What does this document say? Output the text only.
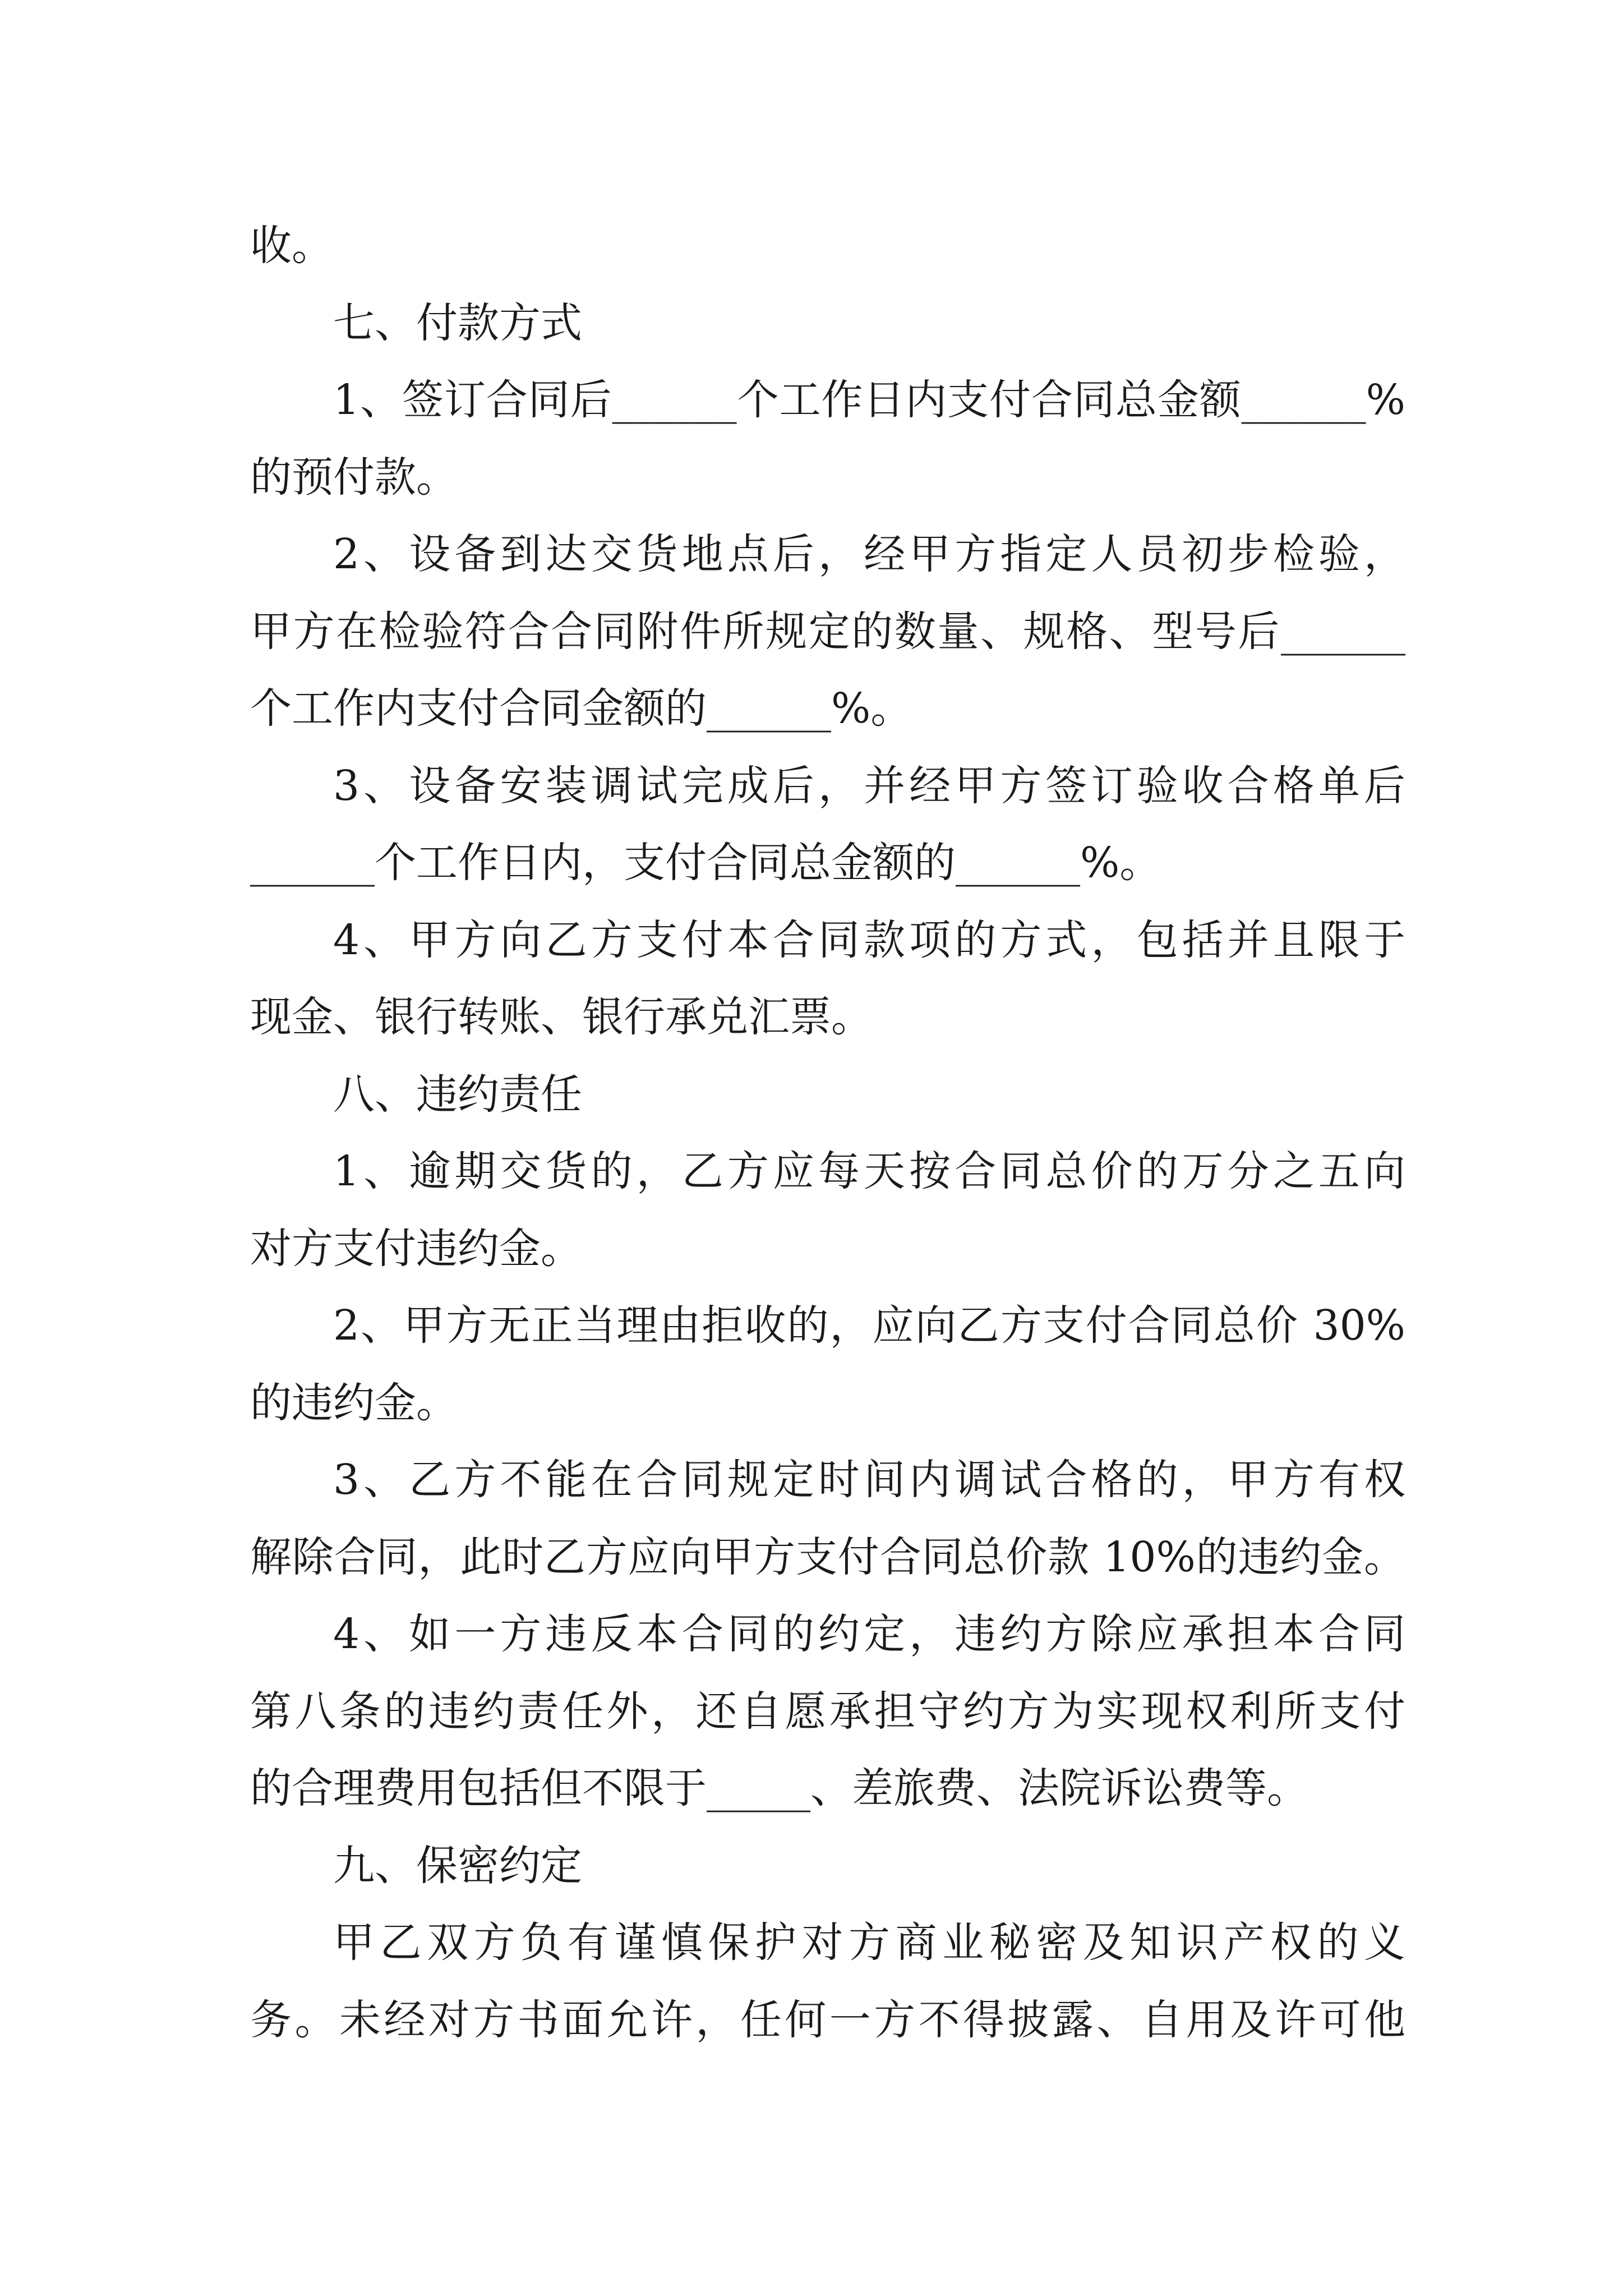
收。
七、付款方式
1、签订合同后______个工作日内支付合同总金额______%
的预付款。
2、设备到达交货地点后，经甲方指定人员初步检验，
甲方在检验符合合同附件所规定的数量、规格、型号后______
个工作内支付合同金额的______%。
3、设备安装调试完成后，并经甲方签订验收合格单后
______个工作日内，支付合同总金额的______%。
4、甲方向乙方支付本合同款项的方式，包括并且限于
现金、银行转账、银行承兑汇票。
八、违约责任
1、逾期交货的，乙方应每天按合同总价的万分之五向
对方支付违约金。
2、甲方无正当理由拒收的，应向乙方支付合同总价 30%
的违约金。
3、乙方不能在合同规定时间内调试合格的，甲方有权
解除合同，此时乙方应向甲方支付合同总价款 10%的违约金。
4、如一方违反本合同的约定，违约方除应承担本合同
第八条的违约责任外，还自愿承担守约方为实现权利所支付
的合理费用包括但不限于_____、差旅费、法院诉讼费等。
九、保密约定
甲乙双方负有谨慎保护对方商业秘密及知识产权的义
务。未经对方书面允许，任何一方不得披露、自用及许可他
